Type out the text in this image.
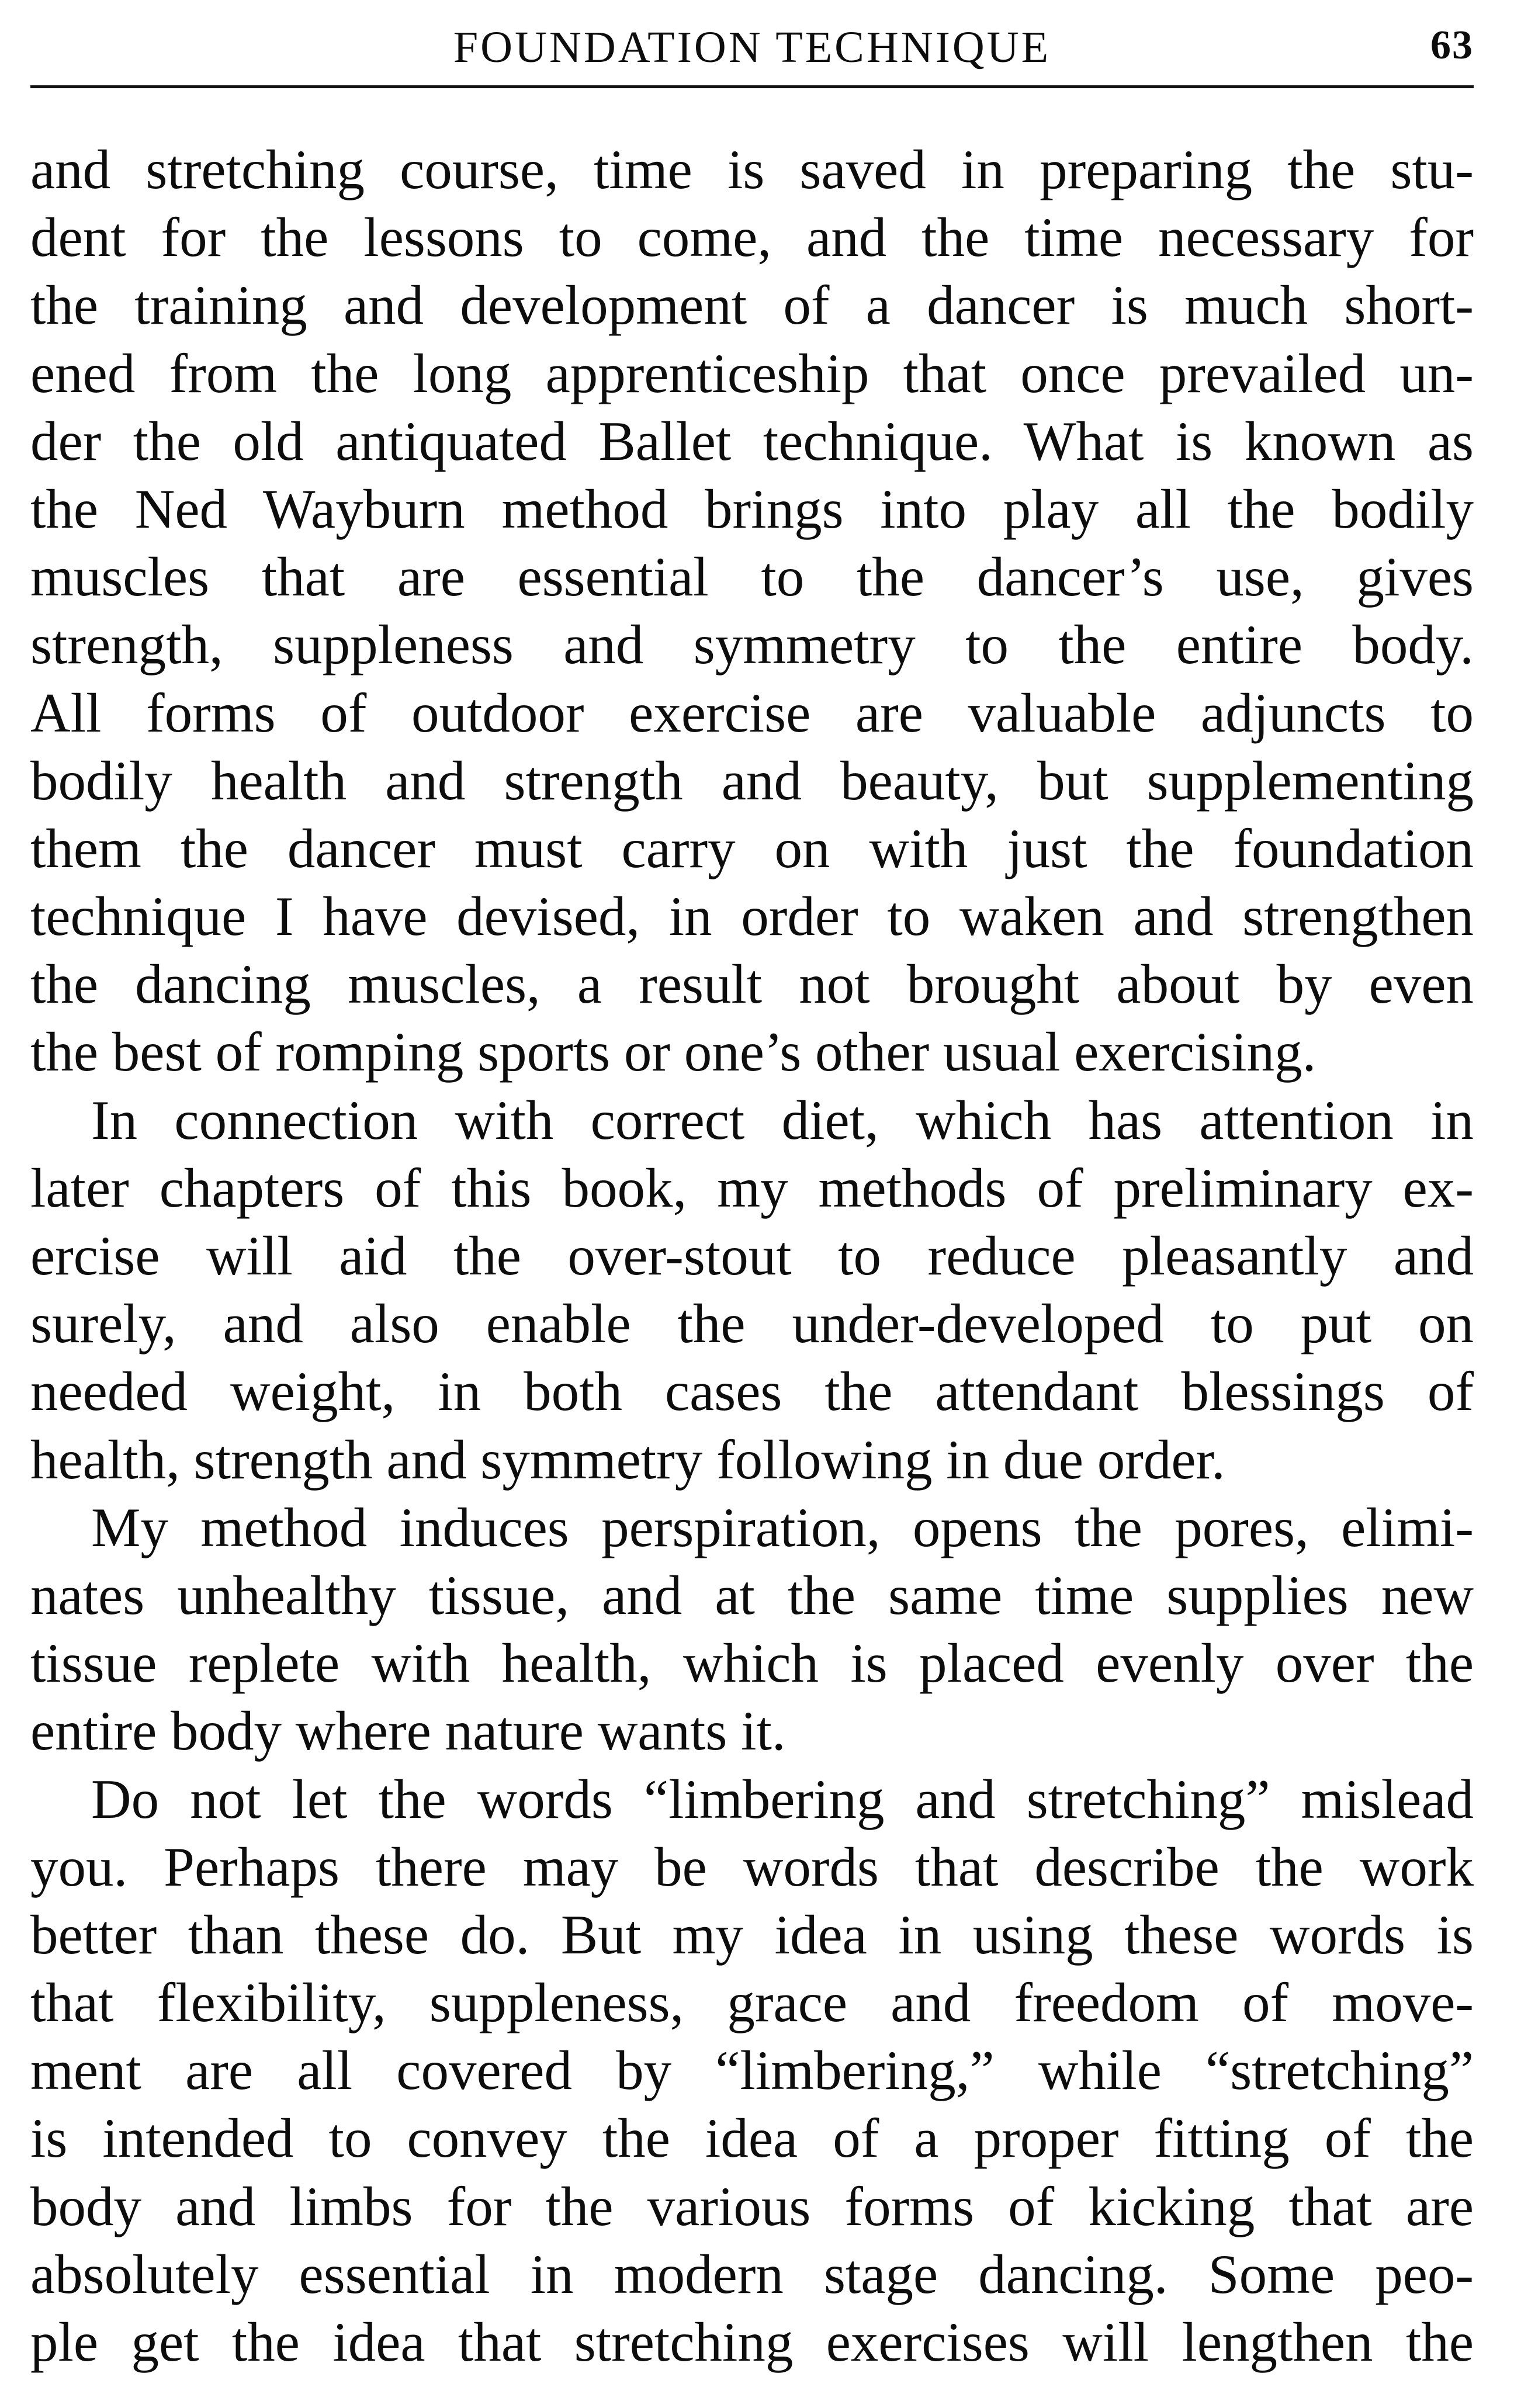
FOUNDATION TECHNIQUE	63
and stretching course, time is saved in preparing the stu-
dent for the lessons to come, and the time necessary for
the training and development of a dancer is much short-
ened from the long apprenticeship that once prevailed un-
der the old antiquated Ballet technique. What is known as
the Ned Wayburn method brings into play all the bodily
muscles that are essential to the dancer’s use, gives
strength, suppleness and symmetry to the entire body.
All forms of outdoor exercise are valuable adjuncts to
bodily health and strength and beauty, but supplementing
them the dancer must carry on with just the foundation
technique I have devised, in order to waken and strengthen
the dancing muscles, a result not brought about by even
the best of romping sports or one’s other usual exercising.
In connection with correct diet, which has attention in
later chapters of this book, my methods of preliminary ex-
ercise will aid the over-stout to reduce pleasantly and
surely, and also enable the under-developed to put on
needed weight, in both cases the attendant blessings of
health, strength and symmetry following in due order.
My method induces perspiration, opens the pores, elimi-
nates unhealthy tissue, and at the same time supplies new
tissue replete with health, which is placed evenly over the
entire body where nature wants it.
Do not let the words “limbering and stretching” mislead
you. Perhaps there may be words that describe the work
better than these do. But my idea in using these words is
that flexibility, suppleness, grace and freedom of move-
ment are all covered by “limbering,” while “stretching”
is intended to convey the idea of a proper fitting of the
body and limbs for the various forms of kicking that are
absolutely essential in modern stage dancing. Some peo-
ple get the idea that stretching exercises will lengthen the
